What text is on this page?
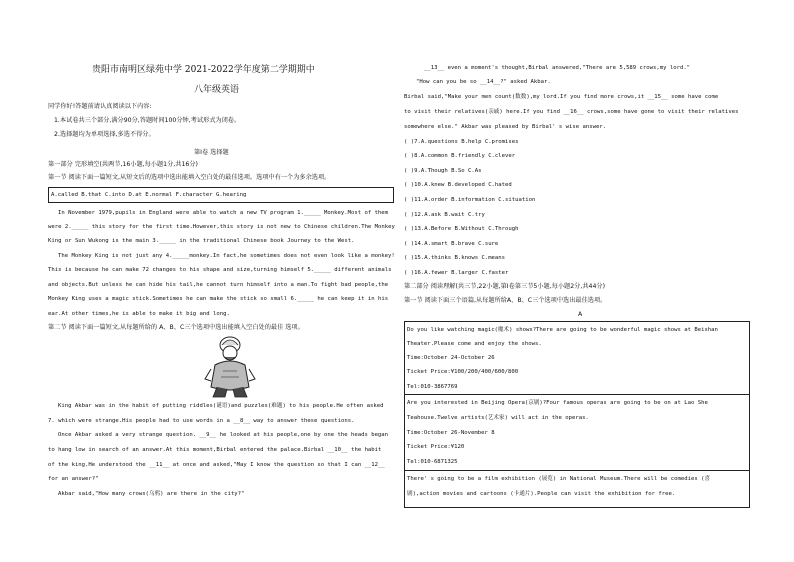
贵阳市南明区绿苑中学 2021-2022学年度第二学期期中
八年级英语
同学你好!答题前请认真阅读以下内容:
1.本试卷共三个部分,满分90分,答题时间100分钟,考试形式为闭卷。
2.选择题均为单项选择,多选不得分。
第Ⅰ卷 选择题
第一部分 完形填空(共两节,16小题,每小题1分,共16分)
第一节 阅读下面一篇短文,从短文后的选项中选出能填入空白处的最佳选项。选项中有一个为多余选项。
A.called B.that C.into D.at E.normal F.character G.hearing
In November 1979,pupils in England were able to watch a new TV program 1._____ Monkey.Most of them
were 2._____ this story for the first time.However,this story is not new to Chinese children.The Monkey
King or Sun Wukong is the main 3._____ in the traditional Chinese book Journey to the West.
The Monkey King is not just any 4._____monkey.In fact,he sometimes does not even look like a monkey!
This is because he can make 72 changes to his shape and size,turning himself 5._____ different animals
and objects.But unless he can hide his tail,he cannot turn himself into a man.To fight bad people,the
Monkey King uses a magic stick.Sometimes he can make the stick so small 6._____ he can keep it in his
ear.At other times,he is able to make it big and long.
第二节 阅读下面一篇短文,从每题所给的 A、B、C三个选项中选出能填入空白处的最佳 选项。
King Akbar was in the habit of putting riddles(谜语)and puzzles(难题) to his people.He often asked
7. which were strange.His people had to use words in a __8__ way to answer these questions.
Once Akbar asked a very strange question. __9__ he looked at his people,one by one the heads began
to hang low in search of an answer.At this moment,Birbal entered the palace.Birbal __10__ the habit
of the king.He understood the __11__ at once and asked,"May I know the question so that I can __12__
for an answer?"
Akbar said,"How many crows(乌鸦) are there in the city?"
__13__ even a moment's thought,Birbal answered,"There are 5,589 crows,my lord."
"How can you be so __14__?" asked Akbar.
Birbal said,"Make your men count(数数),my lord.If you find more crows,it __15__ some have come
to visit their relatives(亲戚) here.If you find __16__ crows,some have gone to visit their relatives
somewhere else." Akbar was pleased by Birbal' s wise answer.
( )7.A.questions B.help C.promises
( )8.A.common B.friendly C.clever
( )9.A.Though B.So C.As
( )10.A.knew B.developed C.hated
( )11.A.order B.information C.situation
( )12.A.ask B.wait C.try
( )13.A.Before B.Without C.Through
( )14.A.smart B.brave C.sure
( )15.A.thinks B.knows C.means
( )16.A.fewer B.larger C.faster
第二部分 阅读理解(共三节,22小题,第I卷第三节5小题,每小题2分,共44分)
第一节 阅读下面三个语篇,从每题所给A、B、C三个选项中选出最佳选项。
A
Do you like watching magic(魔术) shows?There are going to be wonderful magic shows at Beishan
Theater.Please come and enjoy the shows.
Time:October 24-October 26
Ticket Price:¥100/200/400/600/800
Tel:010-3867769
Are you interested in Beijing Opera(京剧)?Four famous operas are going to be on at Lao She
Teahouse.Twelve artists(艺术家) will act in the operas.
Time:October 26-November 8
Ticket Price:¥120
Tel:010-6871325
There' s going to be a film exhibition (展览) in National Museum.There will be comedies (喜
剧),action movies and cartoons (卡通片).People can visit the exhibition for free.
